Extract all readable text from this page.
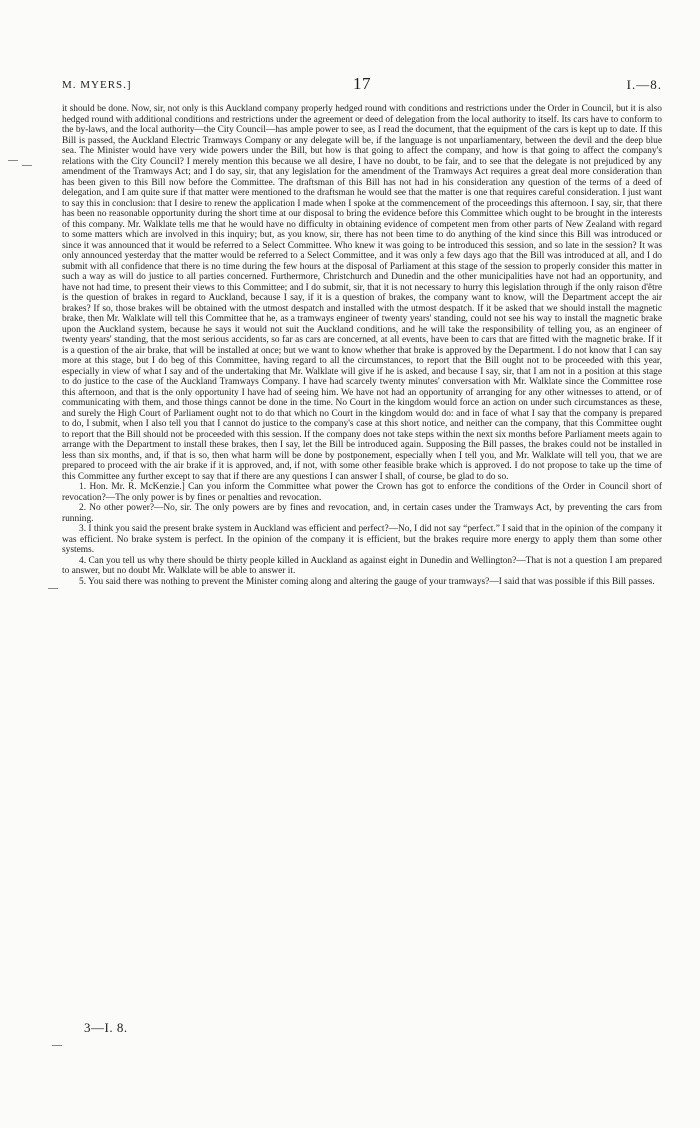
M. MYERS.]	17	I.—8.

it should be done. Now, sir, not only is this Auckland company properly hedged round with conditions and restrictions under the Order in Council, but it is also hedged round with additional conditions and restrictions under the agreement or deed of delegation from the local authority to itself. Its cars have to conform to the by-laws, and the local authority—the City Council—has ample power to see, as I read the document, that the equipment of the cars is kept up to date. If this Bill is passed, the Auckland Electric Tramways Company or any delegate will be, if the language is not unparliamentary, between the devil and the deep blue sea. The Minister would have very wide powers under the Bill, but how is that going to affect the company, and how is that going to affect the company's relations with the City Council? I merely mention this because we all desire, I have no doubt, to be fair, and to see that the delegate is not prejudiced by any amendment of the Tramways Act; and I do say, sir, that any legislation for the amendment of the Tramways Act requires a great deal more consideration than has been given to this Bill now before the Committee. The draftsman of this Bill has not had in his consideration any question of the terms of a deed of delegation, and I am quite sure if that matter were mentioned to the draftsman he would see that the matter is one that requires careful consideration. I just want to say this in conclusion: that I desire to renew the application I made when I spoke at the commencement of the proceedings this afternoon. I say, sir, that there has been no reasonable opportunity during the short time at our disposal to bring the evidence before this Committee which ought to be brought in the interests of this company. Mr. Walklate tells me that he would have no difficulty in obtaining evidence of competent men from other parts of New Zealand with regard to some matters which are involved in this inquiry; but, as you know, sir, there has not been time to do anything of the kind since this Bill was introduced or since it was announced that it would be referred to a Select Committee. Who knew it was going to be introduced this session, and so late in the session? It was only announced yesterday that the matter would be referred to a Select Committee, and it was only a few days ago that the Bill was introduced at all, and I do submit with all confidence that there is no time during the few hours at the disposal of Parliament at this stage of the session to properly consider this matter in such a way as will do justice to all parties concerned. Furthermore, Christchurch and Dunedin and the other municipalities have not had an opportunity, and have not had time, to present their views to this Committee; and I do submit, sir, that it is not necessary to hurry this legislation through if the only raison d'être is the question of brakes in regard to Auckland, because I say, if it is a question of brakes, the company want to know, will the Department accept the air brakes? If so, those brakes will be obtained with the utmost despatch and installed with the utmost despatch. If it be asked that we should install the magnetic brake, then Mr. Walklate will tell this Committee that he, as a tramways engineer of twenty years' standing, could not see his way to install the magnetic brake upon the Auckland system, because he says it would not suit the Auckland conditions, and he will take the responsibility of telling you, as an engineer of twenty years' standing, that the most serious accidents, so far as cars are concerned, at all events, have been to cars that are fitted with the magnetic brake. If it is a question of the air brake, that will be installed at once; but we want to know whether that brake is approved by the Department. I do not know that I can say more at this stage, but I do beg of this Committee, having regard to all the circumstances, to report that the Bill ought not to be proceeded with this year, especially in view of what I say and of the undertaking that Mr. Walklate will give if he is asked, and because I say, sir, that I am not in a position at this stage to do justice to the case of the Auckland Tramways Company. I have had scarcely twenty minutes' conversation with Mr. Walklate since the Committee rose this afternoon, and that is the only opportunity I have had of seeing him. We have not had an opportunity of arranging for any other witnesses to attend, or of communicating with them, and those things cannot be done in the time. No Court in the kingdom would force an action on under such circumstances as these, and surely the High Court of Parliament ought not to do that which no Court in the kingdom would do: and in face of what I say that the company is prepared to do, I submit, when I also tell you that I cannot do justice to the company's case at this short notice, and neither can the company, that this Committee ought to report that the Bill should not be proceeded with this session. If the company does not take steps within the next six months before Parliament meets again to arrange with the Department to install these brakes, then I say, let the Bill be introduced again. Supposing the Bill passes, the brakes could not be installed in less than six months, and, if that is so, then what harm will be done by postponement, especially when I tell you, and Mr. Walklate will tell you, that we are prepared to proceed with the air brake if it is approved, and, if not, with some other feasible brake which is approved. I do not propose to take up the time of this Committee any further except to say that if there are any questions I can answer I shall, of course, be glad to do so.

1. Hon. Mr. R. McKenzie.] Can you inform the Committee what power the Crown has got to enforce the conditions of the Order in Council short of revocation?—The only power is by fines or penalties and revocation.

2. No other power?—No, sir. The only powers are by fines and revocation, and, in certain cases under the Tramways Act, by preventing the cars from running.

3. I think you said the present brake system in Auckland was efficient and perfect?—No, I did not say “perfect.” I said that in the opinion of the company it was efficient. No brake system is perfect. In the opinion of the company it is efficient, but the brakes require more energy to apply them than some other systems.

4. Can you tell us why there should be thirty people killed in Auckland as against eight in Dunedin and Wellington?—That is not a question I am prepared to answer, but no doubt Mr. Walklate will be able to answer it.

5. You said there was nothing to prevent the Minister coming along and altering the gauge of your tramways?—I said that was possible if this Bill passes.

3—I. 8.
